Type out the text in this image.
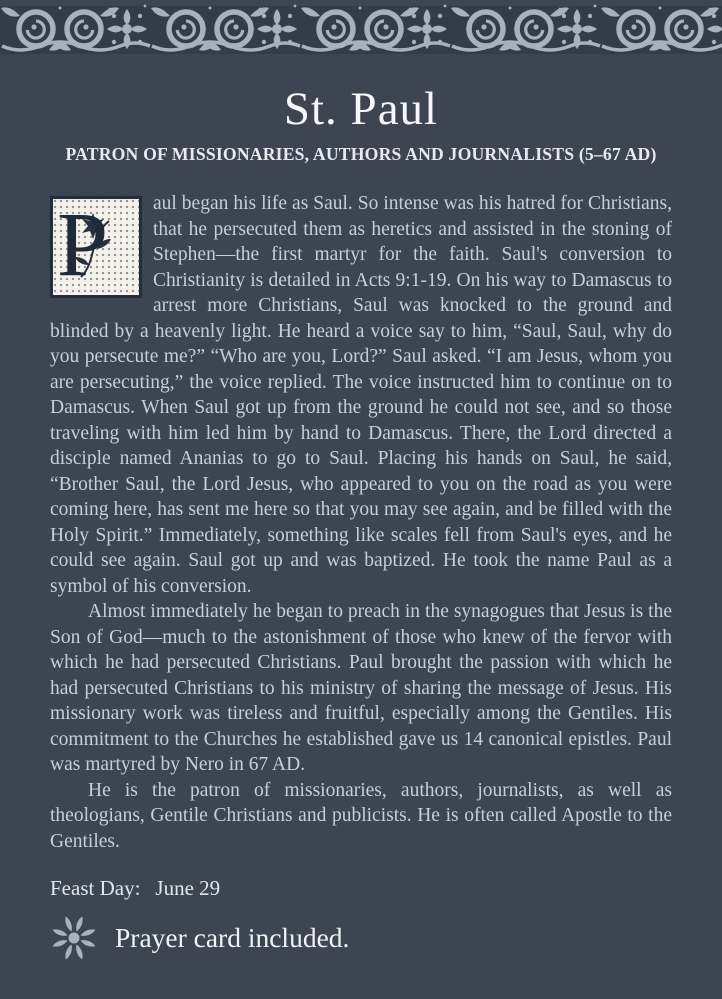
St. Paul
PATRON OF MISSIONARIES, AUTHORS AND JOURNALISTS (5–67 AD)

P aul began his life as Saul. So intense was his hatred for Christians, that he persecuted them as heretics and assisted in the stoning of Stephen—the first martyr for the faith. Saul's conversion to Christianity is detailed in Acts 9:1-19. On his way to Damascus to arrest more Christians, Saul was knocked to the ground and blinded by a heavenly light. He heard a voice say to him, “Saul, Saul, why do you persecute me?” “Who are you, Lord?” Saul asked. “I am Jesus, whom you are persecuting,” the voice replied. The voice instructed him to continue on to Damascus. When Saul got up from the ground he could not see, and so those traveling with him led him by hand to Damascus. There, the Lord directed a disciple named Ananias to go to Saul. Placing his hands on Saul, he said, “Brother Saul, the Lord Jesus, who appeared to you on the road as you were coming here, has sent me here so that you may see again, and be filled with the Holy Spirit.” Immediately, something like scales fell from Saul's eyes, and he could see again. Saul got up and was baptized. He took the name Paul as a symbol of his conversion.

Almost immediately he began to preach in the synagogues that Jesus is the Son of God—much to the astonishment of those who knew of the fervor with which he had persecuted Christians. Paul brought the passion with which he had persecuted Christians to his ministry of sharing the message of Jesus. His missionary work was tireless and fruitful, especially among the Gentiles. His commitment to the Churches he established gave us 14 canonical epistles. Paul was martyred by Nero in 67 AD.

He is the patron of missionaries, authors, journalists, as well as theologians, Gentile Christians and publicists. He is often called Apostle to the Gentiles.

Feast Day: June 29

Prayer card included.
